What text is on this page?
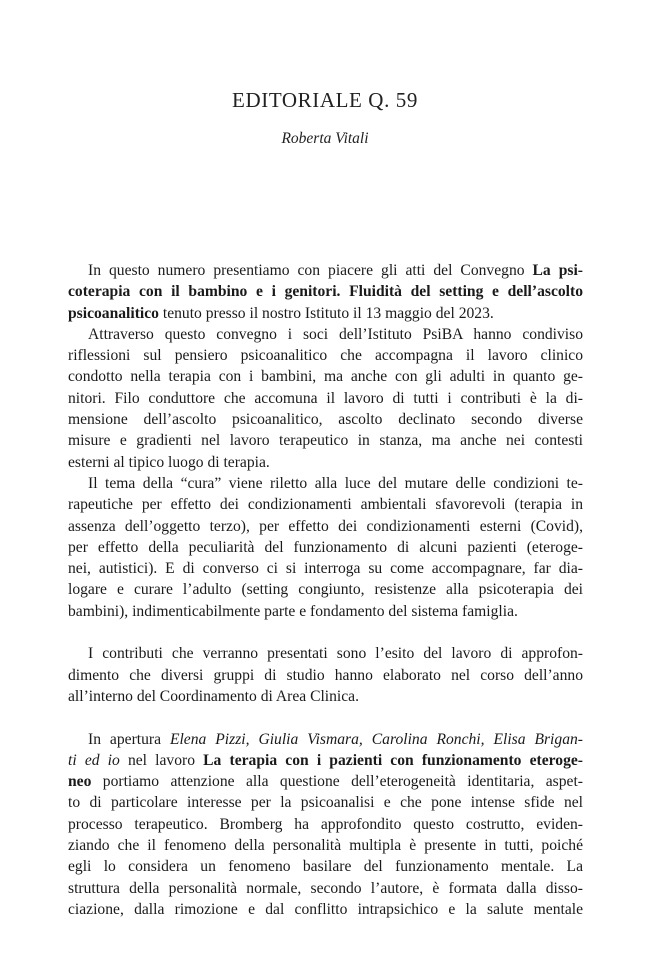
EDITORIALE Q. 59
Roberta Vitali
In questo numero presentiamo con piacere gli atti del Convegno La psi-
coterapia con il bambino e i genitori. Fluidità del setting e dell’ascolto
psicoanalitico tenuto presso il nostro Istituto il 13 maggio del 2023.
Attraverso questo convegno i soci dell’Istituto PsiBA hanno condiviso
riflessioni sul pensiero psicoanalitico che accompagna il lavoro clinico
condotto nella terapia con i bambini, ma anche con gli adulti in quanto ge-
nitori. Filo conduttore che accomuna il lavoro di tutti i contributi è la di-
mensione dell’ascolto psicoanalitico, ascolto declinato secondo diverse
misure e gradienti nel lavoro terapeutico in stanza, ma anche nei contesti
esterni al tipico luogo di terapia.
Il tema della “cura” viene riletto alla luce del mutare delle condizioni te-
rapeutiche per effetto dei condizionamenti ambientali sfavorevoli (terapia in
assenza dell’oggetto terzo), per effetto dei condizionamenti esterni (Covid),
per effetto della peculiarità del funzionamento di alcuni pazienti (eteroge-
nei, autistici). E di converso ci si interroga su come accompagnare, far dia-
logare e curare l’adulto (setting congiunto, resistenze alla psicoterapia dei
bambini), indimenticabilmente parte e fondamento del sistema famiglia.
I contributi che verranno presentati sono l’esito del lavoro di approfon-
dimento che diversi gruppi di studio hanno elaborato nel corso dell’anno
all’interno del Coordinamento di Area Clinica.
In apertura Elena Pizzi, Giulia Vismara, Carolina Ronchi, Elisa Brigan-
ti ed io nel lavoro La terapia con i pazienti con funzionamento eteroge-
neo portiamo attenzione alla questione dell’eterogeneità identitaria, aspet-
to di particolare interesse per la psicoanalisi e che pone intense sfide nel
processo terapeutico. Bromberg ha approfondito questo costrutto, eviden-
ziando che il fenomeno della personalità multipla è presente in tutti, poiché
egli lo considera un fenomeno basilare del funzionamento mentale. La
struttura della personalità normale, secondo l’autore, è formata dalla disso-
ciazione, dalla rimozione e dal conflitto intrapsichico e la salute mentale
